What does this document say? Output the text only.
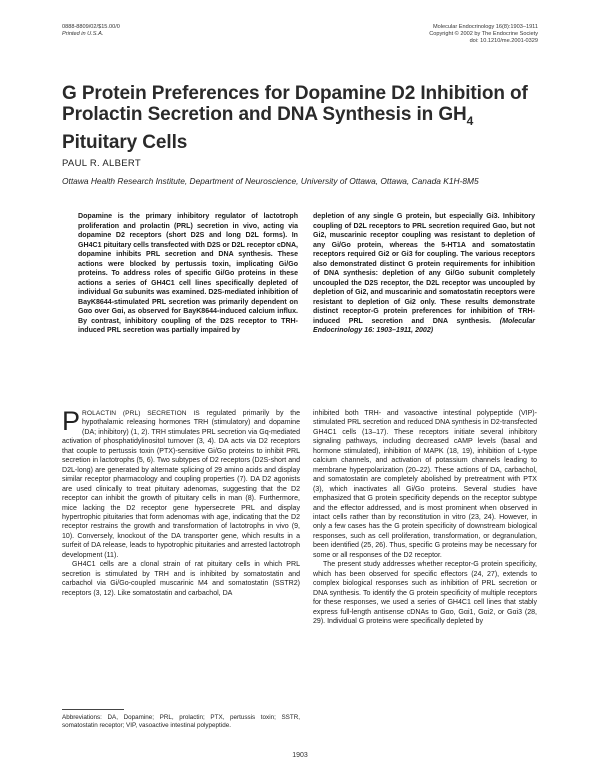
0888-8809/02/$15.00/0
Printed in U.S.A.
Molecular Endocrinology 16(8):1903–1911
Copyright © 2002 by The Endocrine Society
doi: 10.1210/me.2001-0329
G Protein Preferences for Dopamine D2 Inhibition of
Prolactin Secretion and DNA Synthesis in $GH_4$
Pituitary Cells
PAUL R. ALBERT
Ottawa Health Research Institute, Department of Neuroscience, University of Ottawa, Ottawa, Canada K1H-8M5
Dopamine is the primary inhibitory regulator of lactotroph proliferation and prolactin (PRL) secretion in vivo, acting via dopamine D2 receptors (short D2S and long D2L forms). In GH4C1 pituitary cells transfected with D2S or D2L receptor cDNA, dopamine inhibits PRL secretion and DNA synthesis. These actions were blocked by pertussis toxin, implicating Gi/Go proteins. To address roles of specific Gi/Go proteins in these actions a series of GH4C1 cell lines specifically depleted of individual Gα subunits was examined. D2S-mediated inhibition of BayK8644-stimulated PRL secretion was primarily dependent on Gαo over Gαi, as observed for BayK8644-induced calcium influx. By contrast, inhibitory coupling of the D2S receptor to TRH-induced PRL secretion was partially impaired by
depletion of any single G protein, but especially Gi3. Inhibitory coupling of D2L receptors to PRL secretion required Gαo, but not Gi2, muscarinic receptor coupling was resistant to depletion of any Gi/Go protein, whereas the 5-HT1A and somatostatin receptors required Gi2 or Gi3 for coupling. The various receptors also demonstrated distinct G protein requirements for inhibition of DNA synthesis: depletion of any Gi/Go subunit completely uncoupled the D2S receptor, the D2L receptor was uncoupled by depletion of Gi2, and muscarinic and somatostatin receptors were resistant to depletion of Gi2 only. These results demonstrate distinct receptor-G protein preferences for inhibition of TRH-induced PRL secretion and DNA synthesis. (Molecular Endocrinology 16: 1903–1911, 2002)

PROLACTIN (PRL) SECRETION IS regulated primarily by the hypothalamic releasing hormones TRH (stimulatory) and dopamine (DA; inhibitory) (1, 2). TRH stimulates PRL secretion via Gq-mediated activation of phosphatidylinositol turnover (3, 4). DA acts via D2 receptors that couple to pertussis toxin (PTX)-sensitive Gi/Go proteins to inhibit PRL secretion in lactotrophs (5, 6). Two subtypes of D2 receptors (D2S-short and D2L-long) are generated by alternate splicing of 29 amino acids and display similar receptor pharmacology and coupling properties (7). DA D2 agonists are used clinically to treat pituitary adenomas, suggesting that the D2 receptor can inhibit the growth of pituitary cells in man (8). Furthermore, mice lacking the D2 receptor gene hypersecrete PRL and display hypertrophic pituitaries that form adenomas with age, indicating that the D2 receptor restrains the growth and transformation of lactotrophs in vivo (9, 10). Conversely, knockout of the DA transporter gene, which results in a surfeit of DA release, leads to hypotrophic pituitaries and arrested lactotroph development (11).

GH4C1 cells are a clonal strain of rat pituitary cells in which PRL secretion is stimulated by TRH and is inhibited by somatostatin and carbachol via Gi/Go-coupled muscarinic M4 and somatostatin (SSTR2) receptors (3, 12). Like somatostatin and carbachol, DA

Abbreviations: DA, Dopamine; PRL, prolactin; PTX, pertussis toxin; SSTR, somatostatin receptor; VIP, vasoactive intestinal polypeptide.

inhibited both TRH- and vasoactive intestinal polypeptide (VIP)-stimulated PRL secretion and reduced DNA synthesis in D2-transfected GH4C1 cells (13–17). These receptors initiate several inhibitory signaling pathways, including decreased cAMP levels (basal and hormone stimulated), inhibition of MAPK (18, 19), inhibition of L-type calcium channels, and activation of potassium channels leading to membrane hyperpolarization (20–22). These actions of DA, carbachol, and somatostatin are completely abolished by pretreatment with PTX (3), which inactivates all Gi/Go proteins. Several studies have emphasized that G protein specificity depends on the receptor subtype and the effector addressed, and is most prominent when observed in intact cells rather than by reconstitution in vitro (23, 24). However, in only a few cases has the G protein specificity of downstream biological responses, such as cell proliferation, transformation, or degranulation, been identified (25, 26). Thus, specific G proteins may be necessary for some or all responses of the D2 receptor.

The present study addresses whether receptor-G protein specificity, which has been observed for specific effectors (24, 27), extends to complex biological responses such as inhibition of PRL secretion or DNA synthesis. To identify the G protein specificity of multiple receptors for these responses, we used a series of GH4C1 cell lines that stably express full-length antisense cDNAs to Gαo, Gαi1, Gαi2, or Gαi3 (28, 29). Individual G proteins were specifically depleted by

1903
